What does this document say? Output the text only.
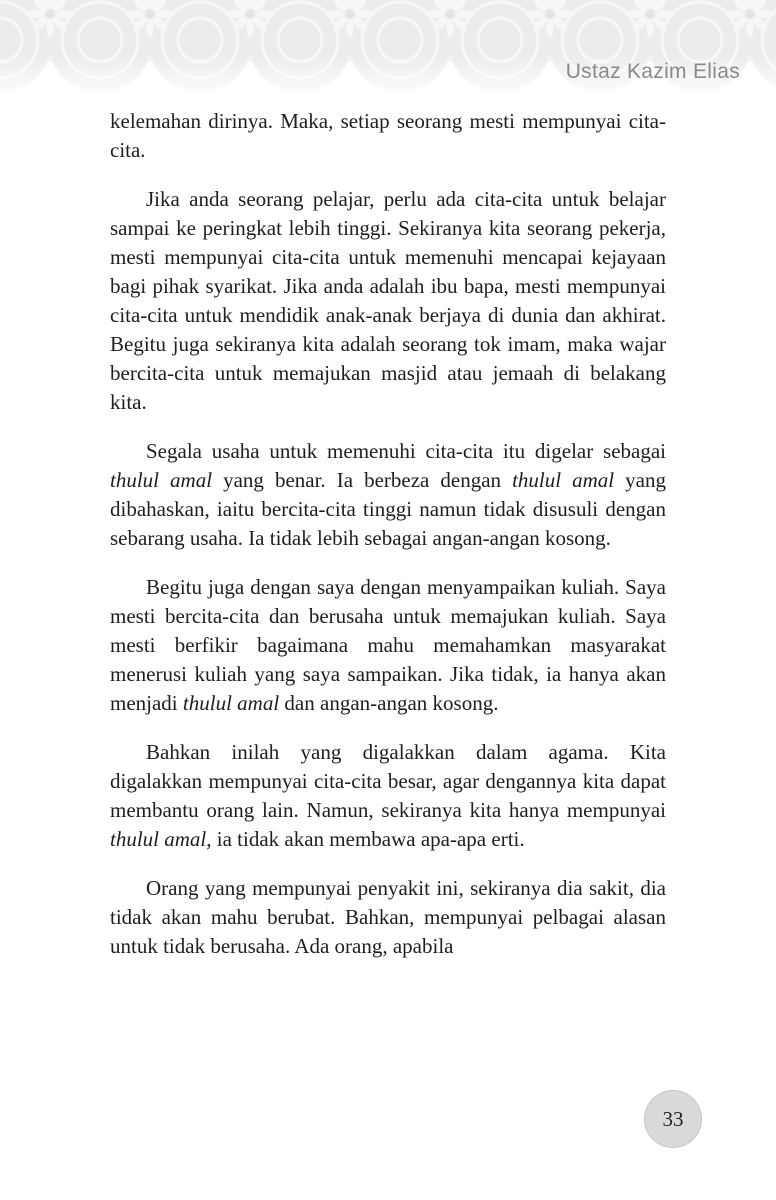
Ustaz Kazim Elias

kelemahan dirinya. Maka, setiap seorang mesti mempunyai cita-cita.

Jika anda seorang pelajar, perlu ada cita-cita untuk belajar sampai ke peringkat lebih tinggi. Sekiranya kita seorang pekerja, mesti mempunyai cita-cita untuk memenuhi mencapai kejayaan bagi pihak syarikat. Jika anda adalah ibu bapa, mesti mempunyai cita-cita untuk mendidik anak-anak berjaya di dunia dan akhirat. Begitu juga sekiranya kita adalah seorang tok imam, maka wajar bercita-cita untuk memajukan masjid atau jemaah di belakang kita.

Segala usaha untuk memenuhi cita-cita itu digelar sebagai thulul amal yang benar. Ia berbeza dengan thulul amal yang dibahaskan, iaitu bercita-cita tinggi namun tidak disusuli dengan sebarang usaha. Ia tidak lebih sebagai angan-angan kosong.

Begitu juga dengan saya dengan menyampaikan kuliah. Saya mesti bercita-cita dan berusaha untuk memajukan kuliah. Saya mesti berfikir bagaimana mahu memahamkan masyarakat menerusi kuliah yang saya sampaikan. Jika tidak, ia hanya akan menjadi thulul amal dan angan-angan kosong.

Bahkan inilah yang digalakkan dalam agama. Kita digalakkan mempunyai cita-cita besar, agar dengannya kita dapat membantu orang lain. Namun, sekiranya kita hanya mempunyai thulul amal, ia tidak akan membawa apa-apa erti.

Orang yang mempunyai penyakit ini, sekiranya dia sakit, dia tidak akan mahu berubat. Bahkan, mempunyai pelbagai alasan untuk tidak berusaha. Ada orang, apabila

33
